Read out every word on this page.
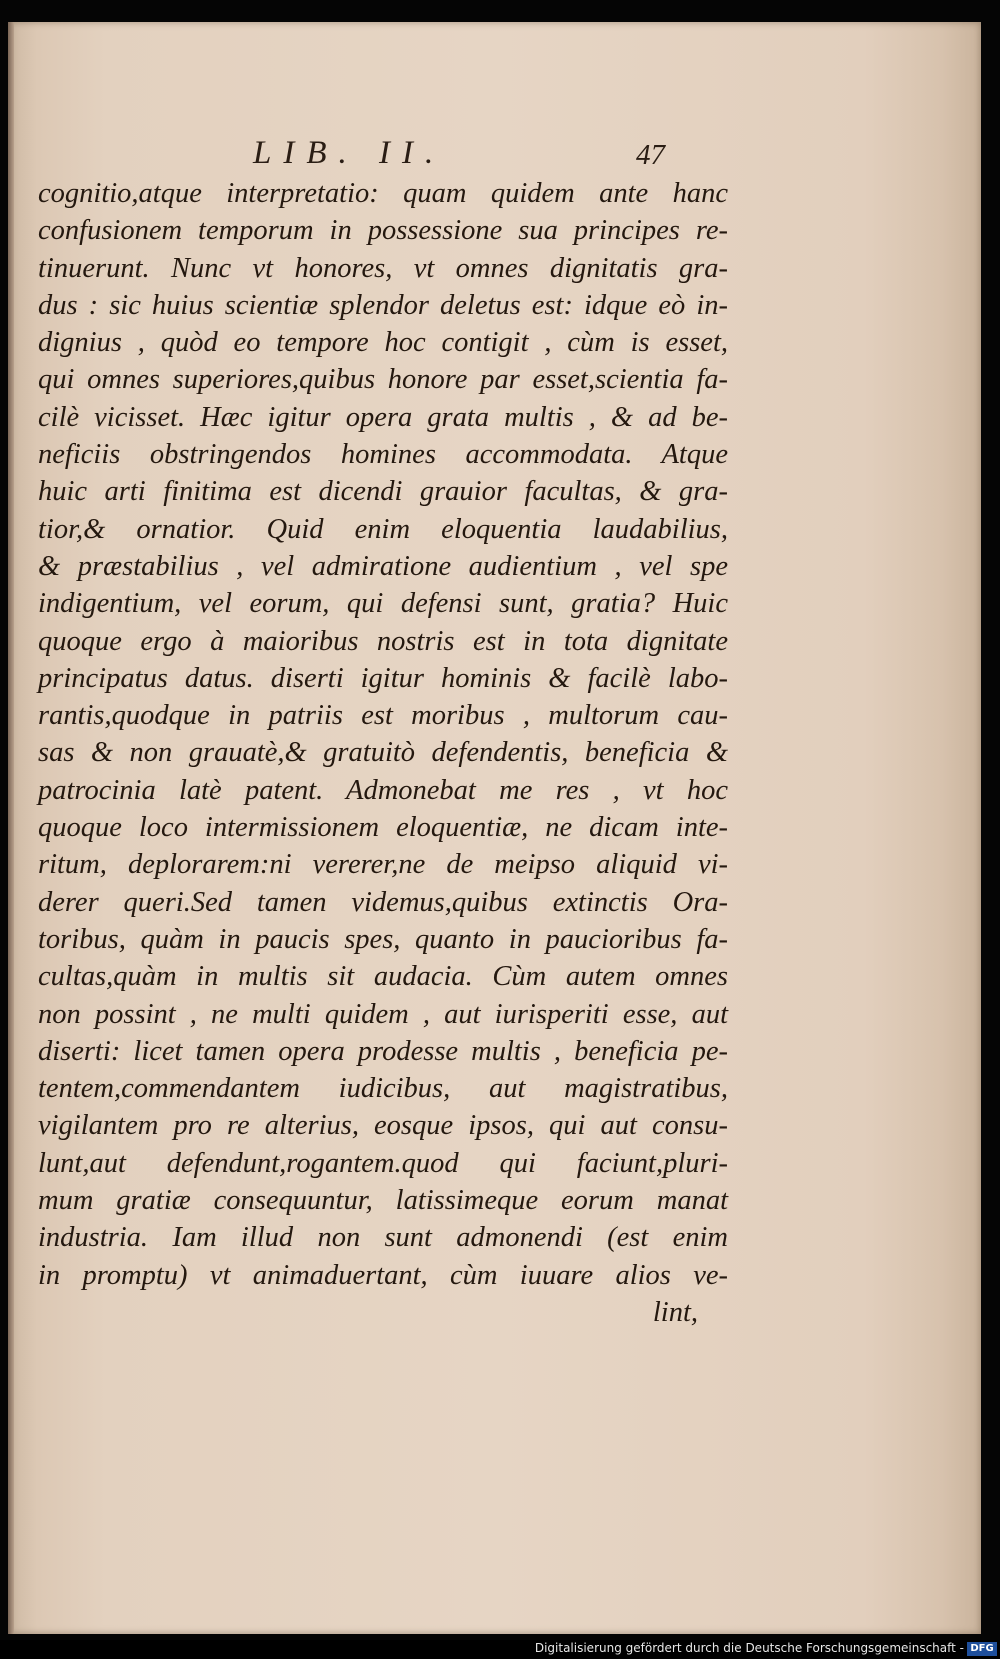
LIB. II.	47
cognitio,atque interpretatio: quam quidem ante hanc
confusionem temporum in possessione sua principes re-
tinuerunt. Nunc vt honores, vt omnes dignitatis gra-
dus : sic huius scientiæ splendor deletus est: idque eò in-
dignius , quòd eo tempore hoc contigit , cùm is esset,
qui omnes superiores,quibus honore par esset,scientia fa-
cilè vicisset. Hæc igitur opera grata multis , & ad be-
neficiis obstringendos homines accommodata. Atque
huic arti finitima est dicendi grauior facultas, & gra-
tior,& ornatior. Quid enim eloquentia laudabilius,
& præstabilius , vel admiratione audientium , vel spe
indigentium, vel eorum, qui defensi sunt, gratia? Huic
quoque ergo à maioribus nostris est in tota dignitate
principatus datus. diserti igitur hominis & facilè labo-
rantis,quodque in patriis est moribus , multorum cau-
sas & non grauatè,& gratuitò defendentis, beneficia &
patrocinia latè patent. Admonebat me res , vt hoc
quoque loco intermissionem eloquentiæ, ne dicam inte-
ritum, deplorarem:ni vererer,ne de meipso aliquid vi-
derer queri.Sed tamen videmus,quibus extinctis Ora-
toribus, quàm in paucis spes, quanto in paucioribus fa-
cultas,quàm in multis sit audacia. Cùm autem omnes
non possint , ne multi quidem , aut iurisperiti esse, aut
diserti: licet tamen opera prodesse multis , beneficia pe-
tentem,commendantem iudicibus, aut magistratibus,
vigilantem pro re alterius, eosque ipsos, qui aut consu-
lunt,aut defendunt,rogantem.quod qui faciunt,pluri-
mum gratiæ consequuntur, latissimeque eorum manat
industria. Iam illud non sunt admonendi (est enim
in promptu) vt animaduertant, cùm iuuare alios ve-
lint,
Digitalisierung gefördert durch die Deutsche Forschungsgemeinschaft - DFG
